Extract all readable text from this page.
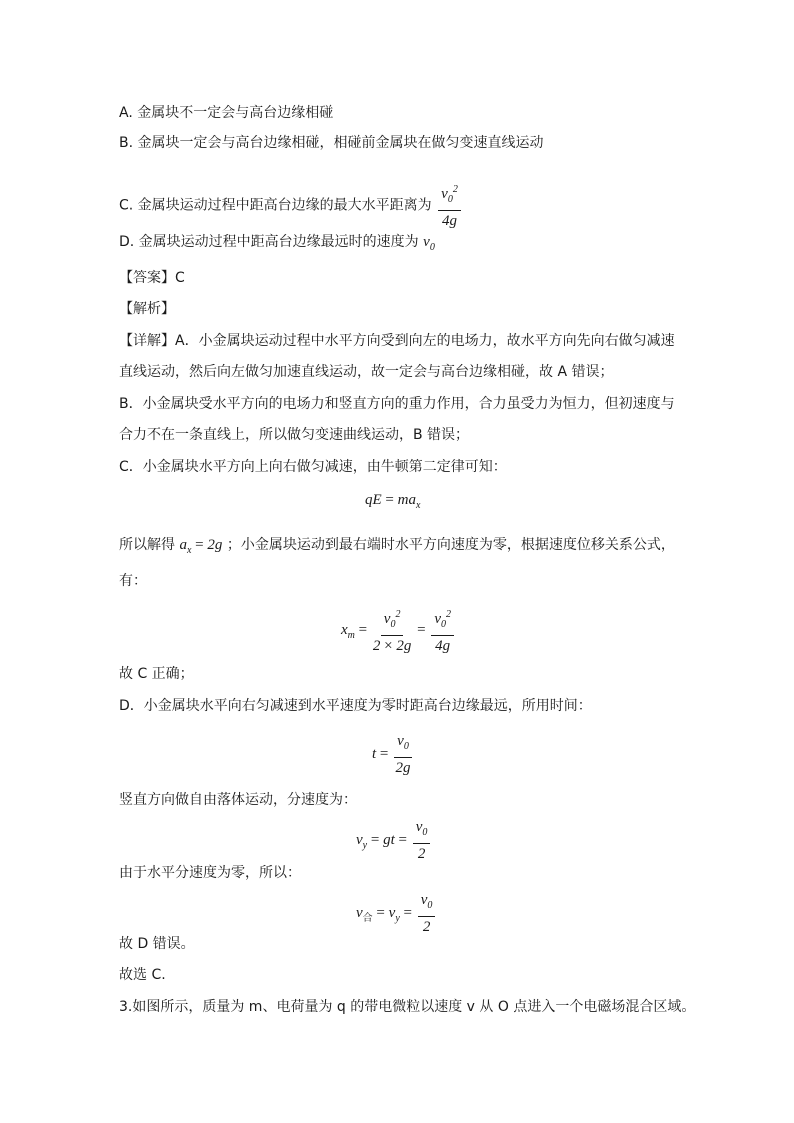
A. 金属块不一定会与高台边缘相碰
B. 金属块一定会与高台边缘相碰，相碰前金属块在做匀变速直线运动
C. 金属块运动过程中距高台边缘的最大水平距离为 $\frac{v_0^2}{4g}$
D. 金属块运动过程中距高台边缘最远时的速度为 $v_0$
【答案】C
【解析】
【详解】A．小金属块运动过程中水平方向受到向左的电场力，故水平方向先向右做匀减速
直线运动，然后向左做匀加速直线运动，故一定会与高台边缘相碰，故 A 错误；
B．小金属块受水平方向的电场力和竖直方向的重力作用，合力虽受力为恒力，但初速度与
合力不在一条直线上，所以做匀变速曲线运动，B 错误；
C．小金属块水平方向上向右做匀减速，由牛顿第二定律可知：
qE = $ma_x$
所以解得 $a_x = 2g$ ；小金属块运动到最右端时水平方向速度为零，根据速度位移关系公式，
有：
$x_m = \frac{v_0^2}{2 \times 2g} = \frac{v_0^2}{4g}$
故 C 正确；
D．小金属块水平向右匀减速到水平速度为零时距高台边缘最远，所用时间：
$t = \frac{v_0}{2g}$
竖直方向做自由落体运动，分速度为：
$v_y$ = gt = $\frac{v_0}{2}$
由于水平分速度为零，所以：
$v_合 = v_y = \frac{v_0}{2}$
故 D 错误。
故选 C.
3.如图所示，质量为 m、电荷量为 q 的带电微粒以速度 v 从 O 点进入一个电磁场混合区域。
